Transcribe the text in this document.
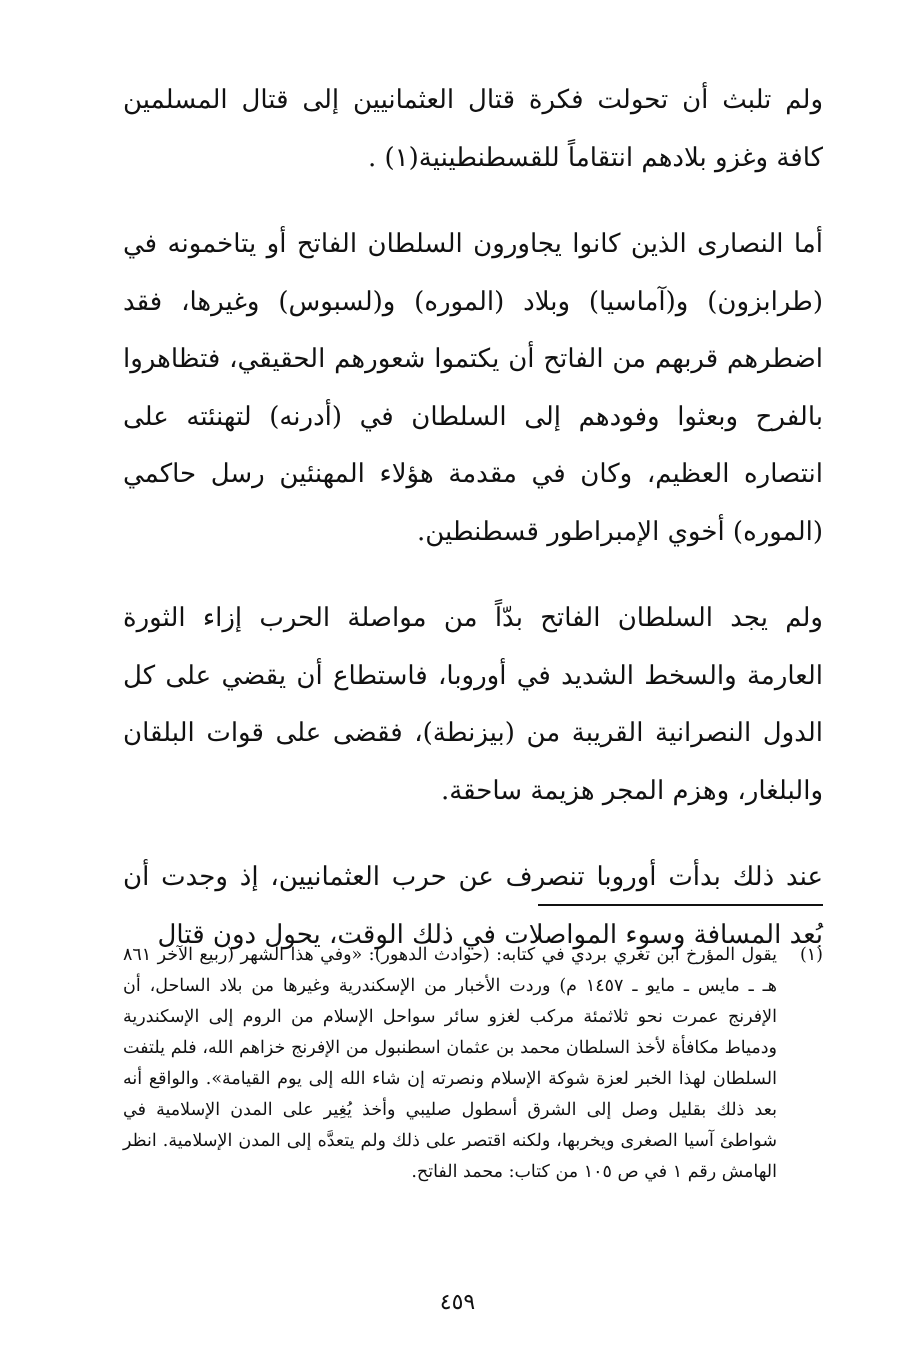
ولم تلبث أن تحولت فكرة قتال العثمانيين إلى قتال المسلمين كافة وغزو بلادهم انتقاماً للقسطنطينية(١) .
أما النصارى الذين كانوا يجاورون السلطان الفاتح أو يتاخمونه في (طرابزون) و(آماسيا) وبلاد (الموره) و(لسبوس) وغيرها، فقد اضطرهم قربهم من الفاتح أن يكتموا شعورهم الحقيقي، فتظاهروا بالفرح وبعثوا وفودهم إلى السلطان في (أدرنه) لتهنئته على انتصاره العظيم، وكان في مقدمة هؤلاء المهنئين رسل حاكمي (الموره) أخوي الإمبراطور قسطنطين.
ولم يجد السلطان الفاتح بدّاً من مواصلة الحرب إزاء الثورة العارمة والسخط الشديد في أوروبا، فاستطاع أن يقضي على كل الدول النصرانية القريبة من (بيزنطة)، فقضى على قوات البلقان والبلغار، وهزم المجر هزيمة ساحقة.
عند ذلك بدأت أوروبا تنصرف عن حرب العثمانيين، إذ وجدت أن بُعد المسافة وسوء المواصلات في ذلك الوقت، يحول دون قتال
(١)
يقول المؤرخ ابن تغري بردي في كتابه: (حوادث الدهور): «وفي هذا الشهر (ربيع الآخر ٨٦١ هـ ـ مايس ـ مايو ـ ١٤٥٧ م) وردت الأخبار من الإسكندرية وغيرها من بلاد الساحل، أن الإفرنج عمرت نحو ثلاثمئة مركب لغزو سائر سواحل الإسلام من الروم إلى الإسكندرية ودمياط مكافأة لأخذ السلطان محمد بن عثمان اسطنبول من الإفرنج خزاهم الله، فلم يلتفت السلطان لهذا الخبر لعزة شوكة الإسلام ونصرته إن شاء الله إلى يوم القيامة». والواقع أنه بعد ذلك بقليل وصل إلى الشرق أسطول صليبي وأخذ يُغِير على المدن الإسلامية في شواطئ آسيا الصغرى ويخربها، ولكنه اقتصر على ذلك ولم يتعدَّه إلى المدن الإسلامية. انظر الهامش رقم ١ في ص ١٠٥ من كتاب: محمد الفاتح.
٤٥٩
